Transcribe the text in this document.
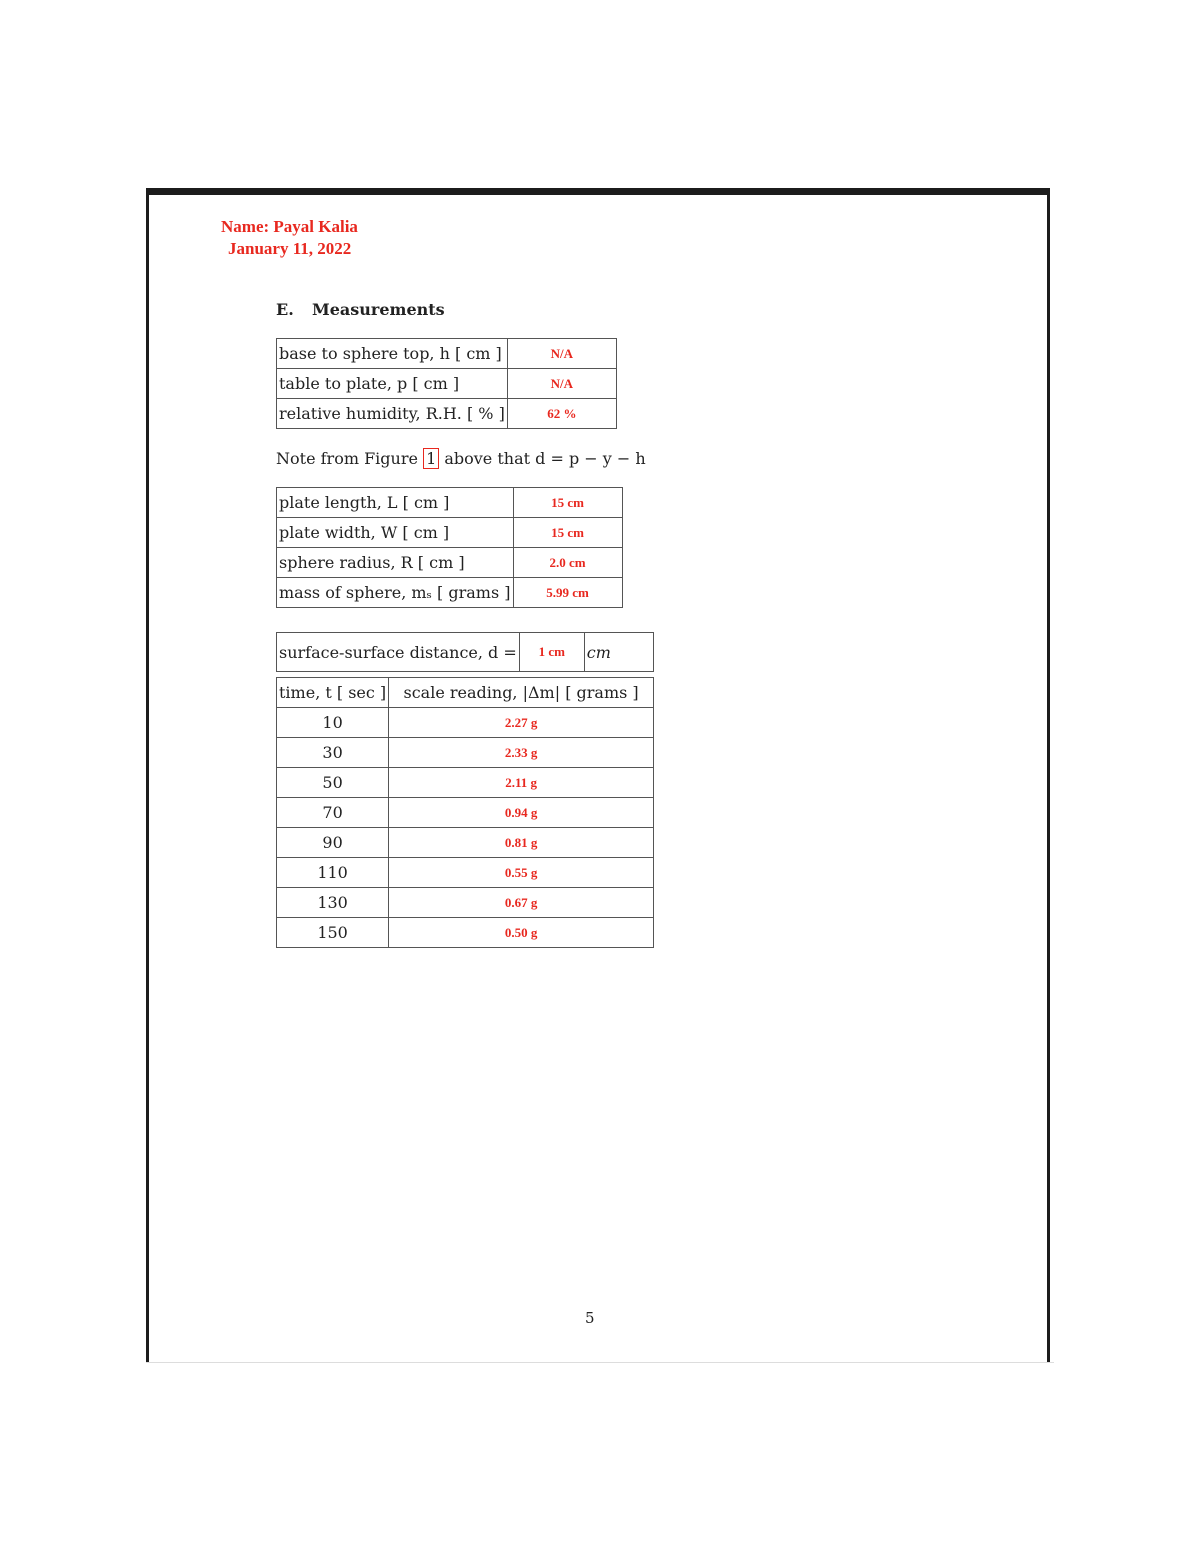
Name: Payal Kalia
January 11, 2022
E. Measurements
base to sphere top, h [ cm ]	N/A
table to plate, p [ cm ]	N/A
relative humidity, R.H. [ % ]	62 %
Note from Figure 1 above that d = p − y − h
plate length, L [ cm ]	15 cm
plate width, W [ cm ]	15 cm
sphere radius, R [ cm ]	2.0 cm
mass of sphere, mₛ [ grams ]	5.99 cm
surface-surface distance, d =	1 cm	cm
time, t [ sec ]	scale reading, |Δm| [ grams ]
10	2.27 g
30	2.33 g
50	2.11 g
70	0.94 g
90	0.81 g
110	0.55 g
130	0.67 g
150	0.50 g
5
